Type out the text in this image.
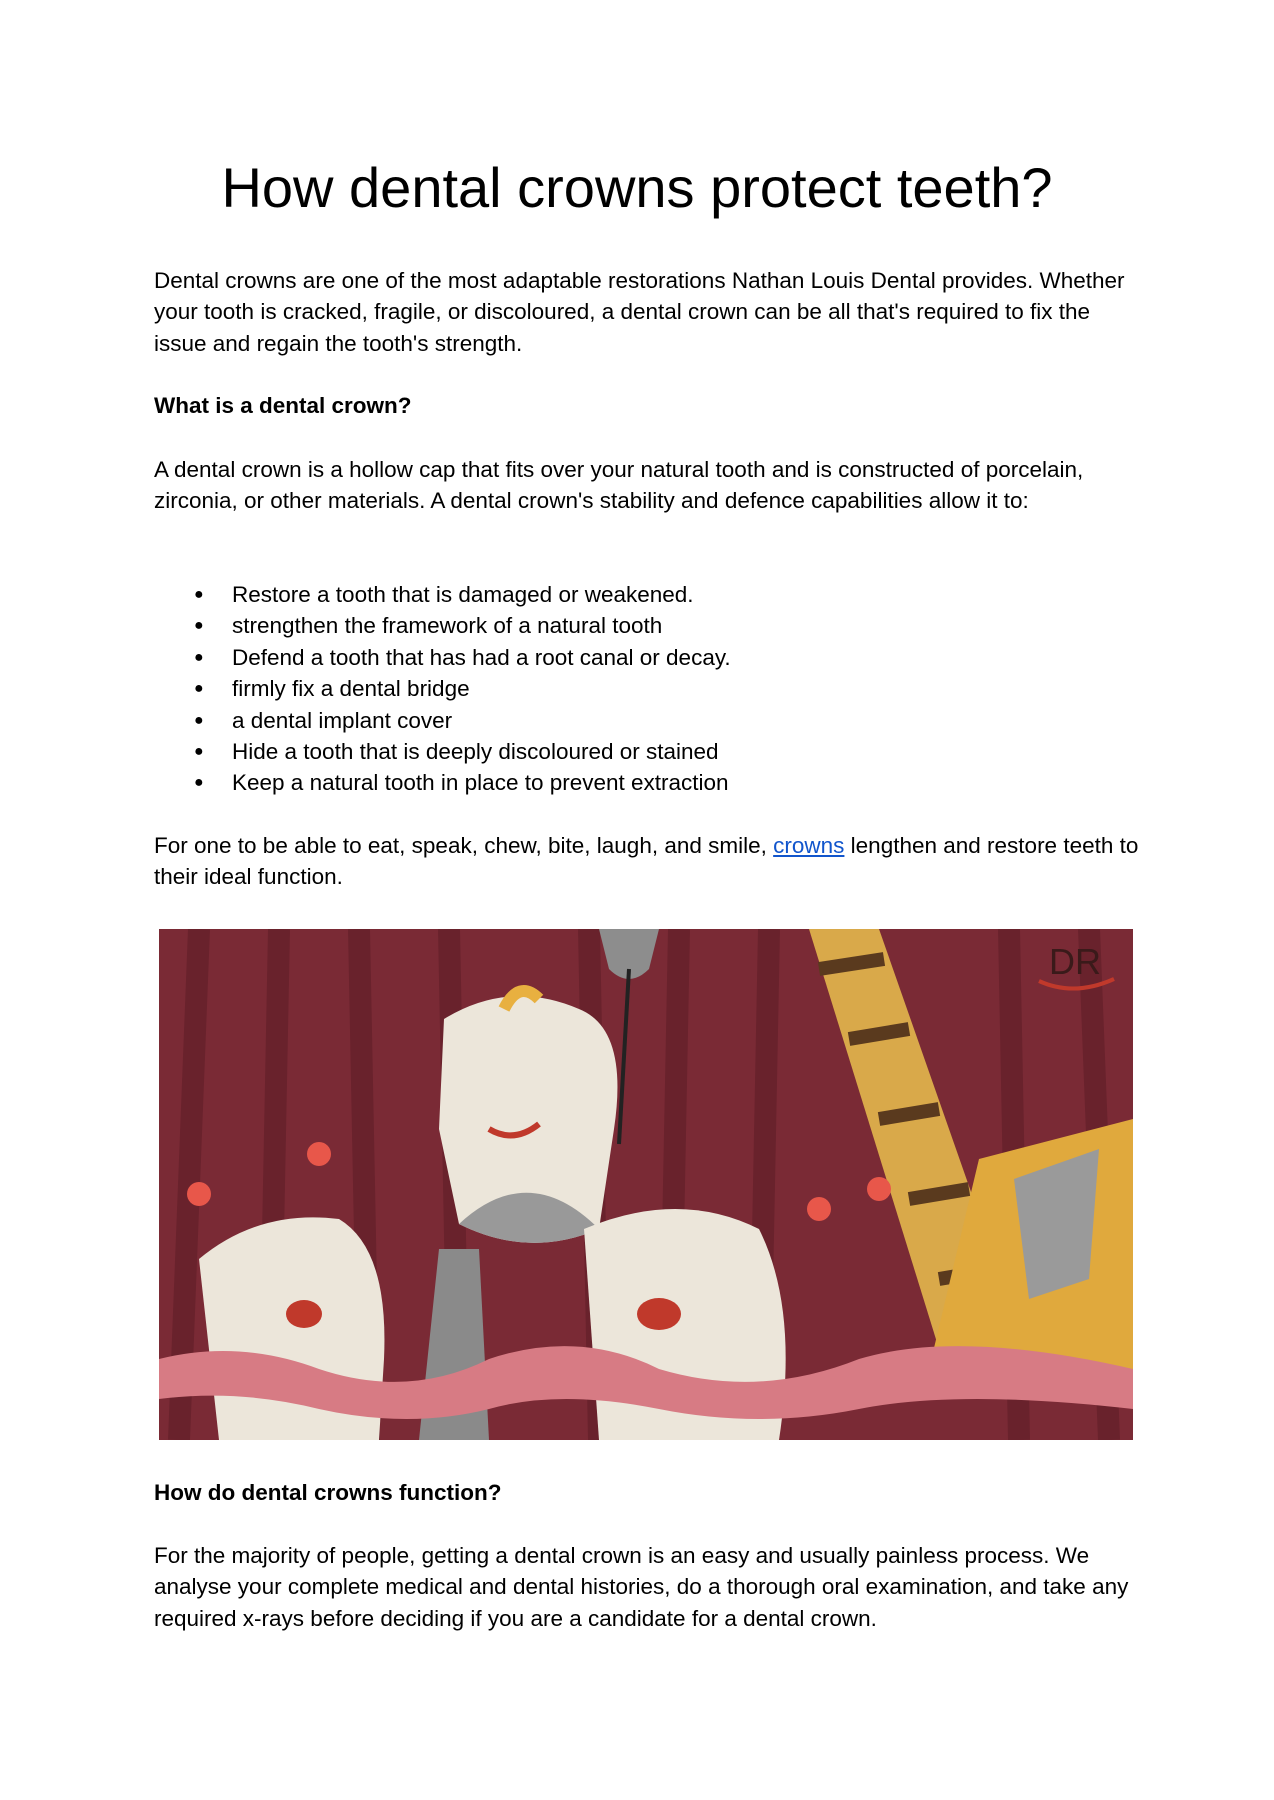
How dental crowns protect teeth?
Dental crowns are one of the most adaptable restorations Nathan Louis Dental provides. Whether your tooth is cracked, fragile, or discoloured, a dental crown can be all that's required to fix the issue and regain the tooth's strength.
What is a dental crown?
A dental crown is a hollow cap that fits over your natural tooth and is constructed of porcelain, zirconia, or other materials. A dental crown's stability and defence capabilities allow it to:
● Restore a tooth that is damaged or weakened.
● strengthen the framework of a natural tooth
● Defend a tooth that has had a root canal or decay.
● firmly fix a dental bridge
● a dental implant cover
● Hide a tooth that is deeply discoloured or stained
● Keep a natural tooth in place to prevent extraction
For one to be able to eat, speak, chew, bite, laugh, and smile, crowns lengthen and restore teeth to their ideal function.
DR
How do dental crowns function?
For the majority of people, getting a dental crown is an easy and usually painless process. We analyse your complete medical and dental histories, do a thorough oral examination, and take any required x-rays before deciding if you are a candidate for a dental crown.
